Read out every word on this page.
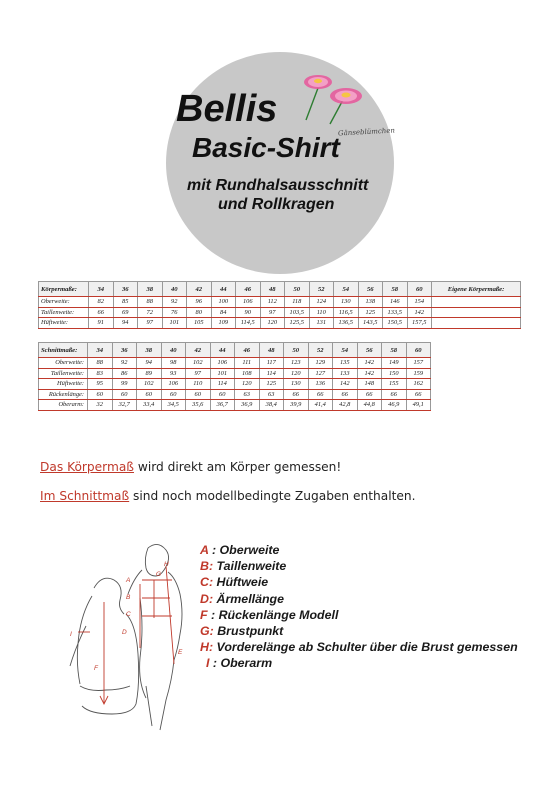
Bellis
Basic-Shirt
Gänseblümchen
mit Rundhalsausschnitt
und Rollkragen
Körpermaße:	34	36	38	40	42	44	46	48	50	52	54	56	58	60	Eigene Körpermaße:
Oberweite:	82	85	88	92	96	100	106	112	118	124	130	138	146	154	
Taillenweite:	66	69	72	76	80	84	90	97	103,5	110	116,5	125	133,5	142	
Hüftweite:	91	94	97	101	105	109	114,5	120	125,5	131	136,5	143,5	150,5	157,5	
Schnittmaße:	34	36	38	40	42	44	46	48	50	52	54	56	58	60
Oberweite:	88	92	94	98	102	106	111	117	123	129	135	142	149	157
Taillenweite:	83	86	89	93	97	101	108	114	120	127	133	142	150	159
Hüftweite:	95	99	102	106	110	114	120	125	130	136	142	148	155	162
Rückenlänge:	60	60	60	60	60	60	63	63	66	66	66	66	66	66
Oberarm:	32	32,7	33,4	34,5	35,6	36,7	36,9	38,4	39,9	41,4	42,8	44,8	46,9	49,1
Das Körpermaß wird direkt am Körper gemessen!
Im Schnittmaß sind noch modellbedingte Zugaben enthalten.
A
B
C
D
E
F
G
H
I
A : Oberweite
B: Taillenweite
C: Hüftweie
D: Ärmellänge
F : Rückenlänge Modell
G: Brustpunkt
H: Vorderelänge ab Schulter über die Brust gemessen
I : Oberarm
